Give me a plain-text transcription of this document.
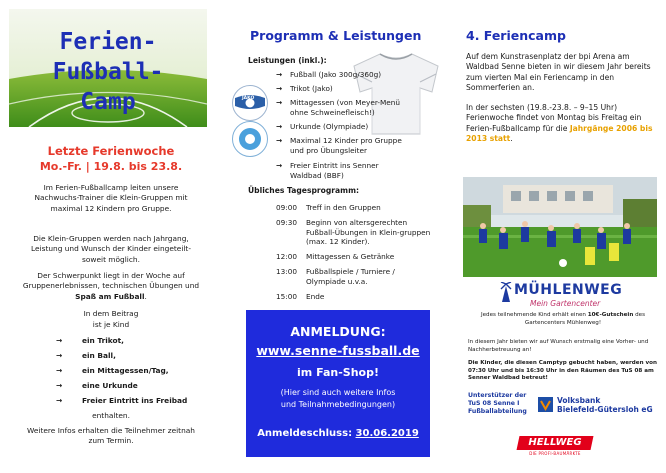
Ferien-
Fußball-
Camp
Letzte Ferienwoche
Mo.-Fr. | 19.8. bis 23.8.

Im Ferien-Fußballcamp leiten unsere Nachwuchs-Trainer die Klein-Gruppen mit maximal 12 Kindern pro Gruppe.

Die Klein-Gruppen werden nach Jahrgang, Leistung und Wunsch der Kinder eingeteilt- soweit möglich.

Der Schwerpunkt liegt in der Woche auf Gruppenerlebnissen, technischen Übungen und Spaß am Fußball.

In dem Beitrag
ist je Kind
→	ein Trikot,
→	ein Ball,
→	ein Mittagessen/Tag,
→	eine Urkunde
→	Freier Eintritt ins Freibad
enthalten.

Weitere Infos erhalten die Teilnehmer zeitnah zum Termin.

Programm & Leistungen
JAKO
Leistungen (inkl.):
→ Fußball (Jako 300g/360g)
→ Trikot (Jako)
→ Mittagessen (von Meyer-Menü ohne Schweinefleisch!)
→ Urkunde (Olympiade)
→ Maximal 12 Kinder pro Gruppe und pro Übungsleiter
→ Freier Eintritt ins Senner Waldbad (BBF)
Übliches Tagesprogramm:
09:00	Treff in den Gruppen
09:30	Beginn von altersgerechten Fußball-Übungen in Klein-gruppen (max. 12 Kinder).
12:00	Mittagessen & Getränke
13:00	Fußballspiele / Turniere / Olympiade u.v.a.
15:00	Ende
ANMELDUNG:
www.senne-fussball.de
im Fan-Shop!
(Hier sind auch weitere Infos
und Teilnahmebedingungen)
Anmeldeschluss: 30.06.2019
4. Feriencamp

Auf dem Kunstrasenplatz der bpi Arena am Waldbad Senne bieten in wir diesem Jahr bereits zum vierten Mal ein Feriencamp in den Sommerferien an.

In der sechsten (19.8.-23.8. – 9–15 Uhr) Ferienwoche findet von Montag bis Freitag ein Ferien-Fußballcamp für die Jahrgänge 2006 bis 2013 statt.

MÜHLENWEG
Mein Gartencenter
Jedes teilnehmende Kind erhält einen 10€-Gutschein des Gartencenters Mühlenweg!
In diesem Jahr bieten wir auf Wunsch erstmalig eine Vorher- und Nachherbetreuung an!
Die Kinder, die diesen Camptyp gebucht haben, werden von 07:30 Uhr und bis 16:30 Uhr in den Räumen des TuS 08 am Senner Waldbad betreut!
Unterstützer der TuS 08 Senne I Fußballabteilung
Volksbank
Bielefeld-Gütersloh eG
HELLWEG
DIE PROFI-BAUMÄRKTE
